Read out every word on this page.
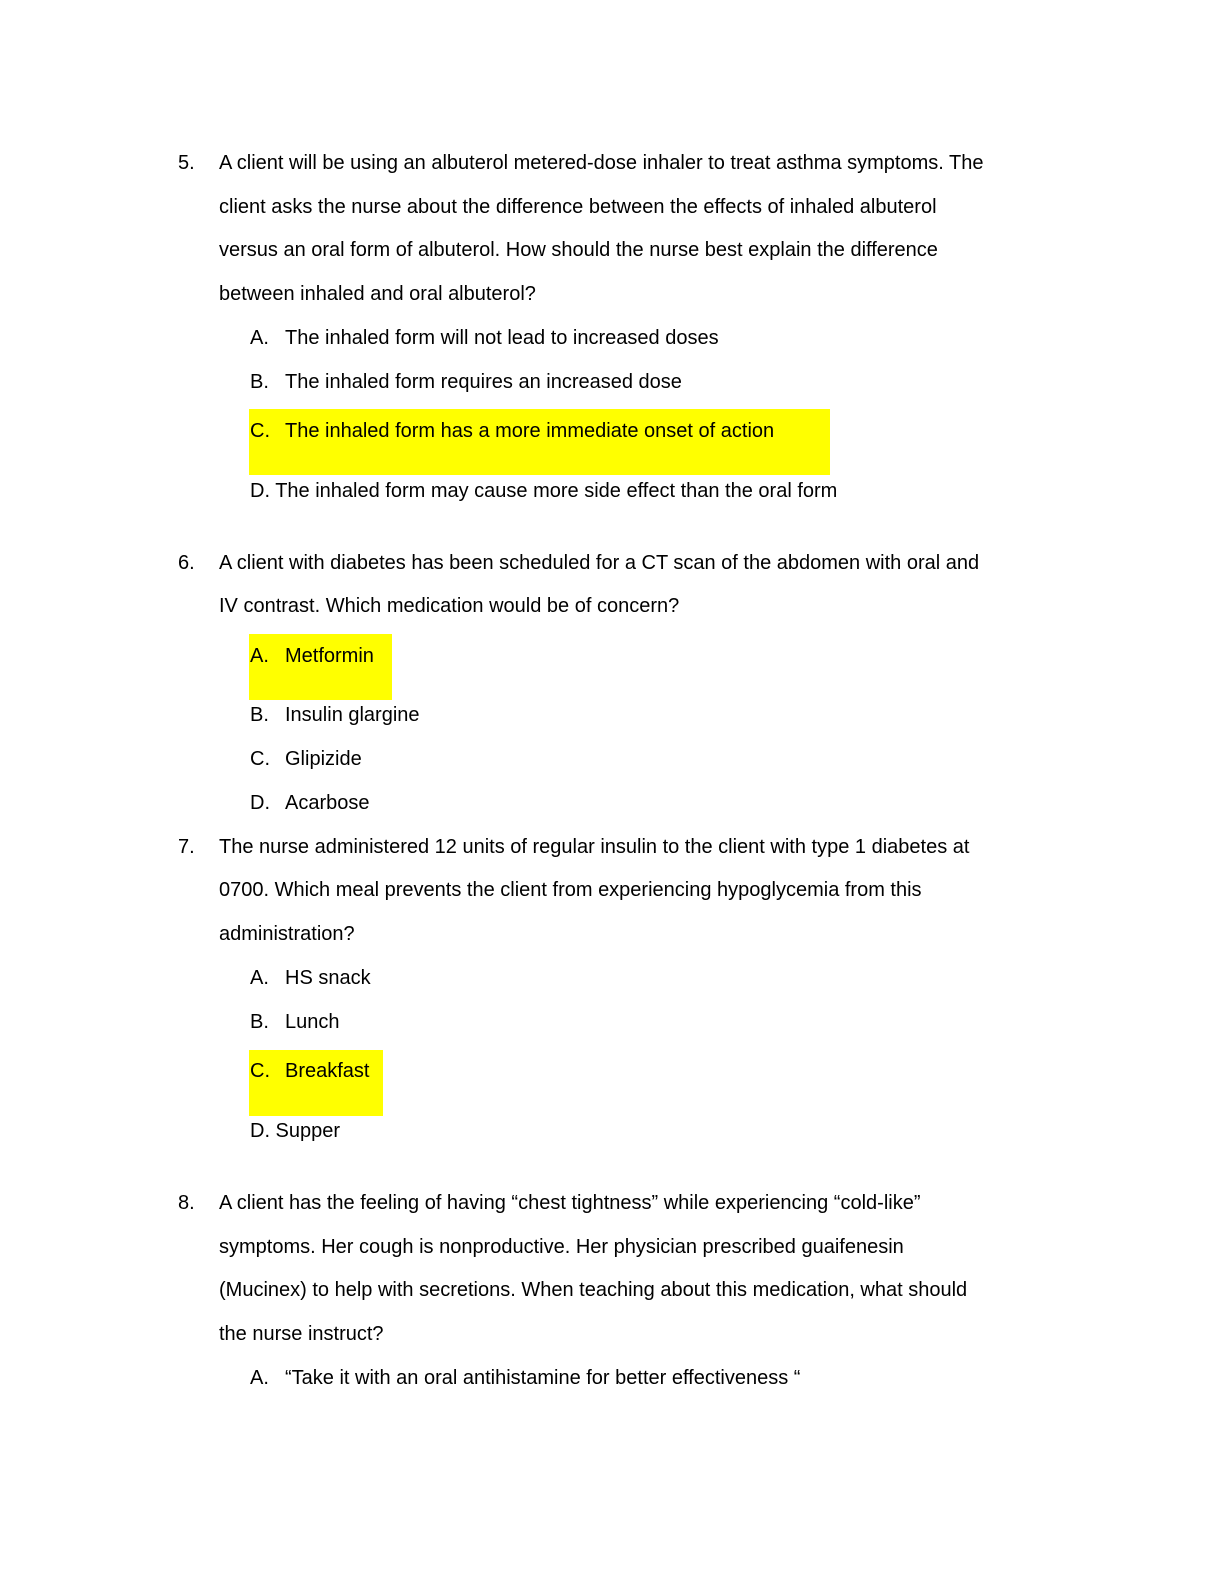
5. A client will be using an albuterol metered-dose inhaler to treat asthma symptoms. The
client asks the nurse about the difference between the effects of inhaled albuterol
versus an oral form of albuterol. How should the nurse best explain the difference
between inhaled and oral albuterol?
A. The inhaled form will not lead to increased doses
B. The inhaled form requires an increased dose
C. The inhaled form has a more immediate onset of action
D. The inhaled form may cause more side effect than the oral form
6. A client with diabetes has been scheduled for a CT scan of the abdomen with oral and
IV contrast. Which medication would be of concern?
A. Metformin
B. Insulin glargine
C. Glipizide
D. Acarbose
7. The nurse administered 12 units of regular insulin to the client with type 1 diabetes at
0700. Which meal prevents the client from experiencing hypoglycemia from this
administration?
A. HS snack
B. Lunch
C. Breakfast
D. Supper
8. A client has the feeling of having “chest tightness” while experiencing “cold-like”
symptoms. Her cough is nonproductive. Her physician prescribed guaifenesin
(Mucinex) to help with secretions. When teaching about this medication, what should
the nurse instruct?
A. “Take it with an oral antihistamine for better effectiveness “
